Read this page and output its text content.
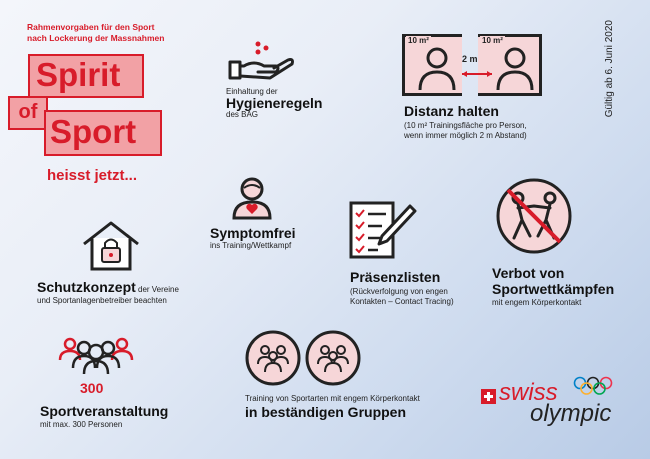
Rahmenvorgaben für den Sport
nach Lockerung der Massnahmen
Spirit
of
Sport
heisst jetzt...
Gültig ab 6. Juni 2020
Einhaltung der
Hygieneregeln
des BAG
10 m²	10 m²
2 m
Distanz halten
(10 m² Trainingsfläche pro Person,
wenn immer möglich 2 m Abstand)
Symptomfrei
ins Training/Wettkampf
Schutzkonzept der Vereine
und Sportanlagenbetreiber beachten
Präsenzlisten
(Rückverfolgung von engen
Kontakten – Contact Tracing)
Verbot von
Sportwettkämpfen
mit engem Körperkontakt
300
Sportveranstaltung
mit max. 300 Personen
Training von Sportarten mit engem Körperkontakt
in beständigen Gruppen
swiss
olympic
